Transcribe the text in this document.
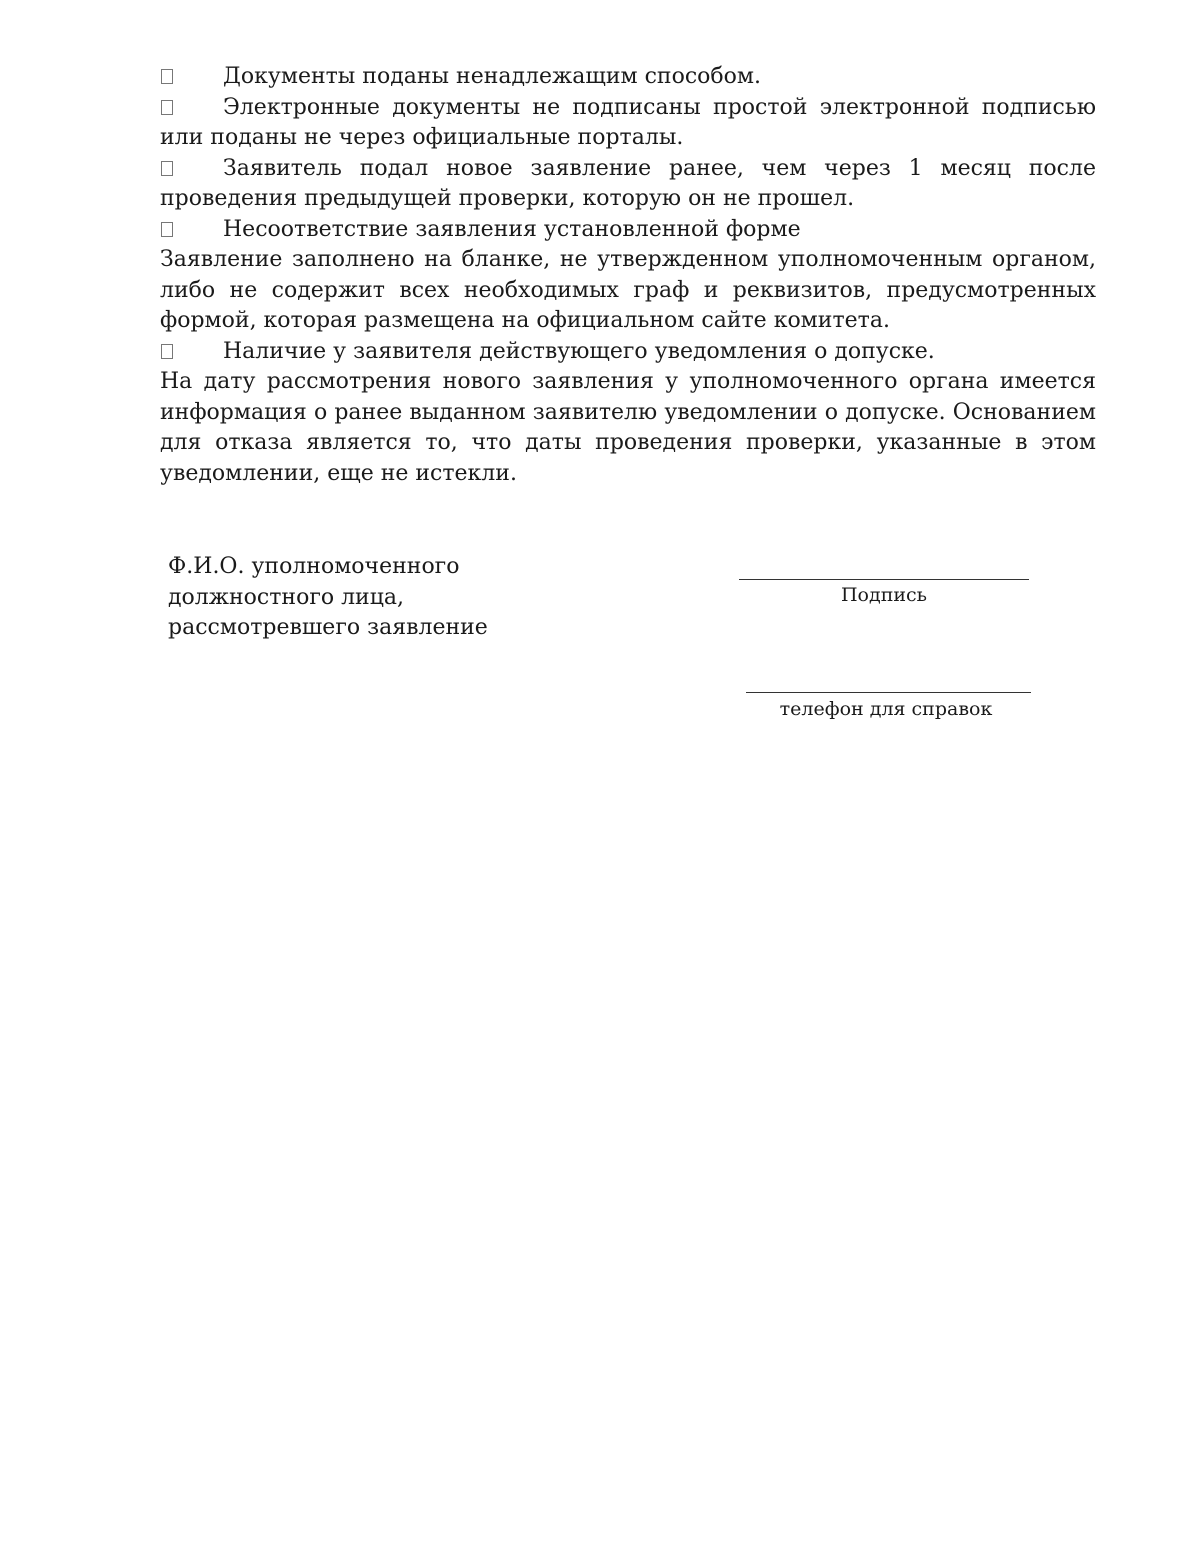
Документы поданы ненадлежащим способом.

Электронные документы не подписаны простой электронной подписью или поданы не через официальные порталы.

Заявитель подал новое заявление ранее, чем через 1 месяц после проведения предыдущей проверки, которую он не прошел.

Несоответствие заявления установленной форме

Заявление заполнено на бланке, не утвержденном уполномоченным органом, либо не содержит всех необходимых граф и реквизитов, предусмотренных формой, которая размещена на официальном сайте комитета.

Наличие у заявителя действующего уведомления о допуске.

На дату рассмотрения нового заявления у уполномоченного органа имеется информация о ранее выданном заявителю уведомлении о допуске. Основанием для отказа является то, что даты проведения проверки, указанные в этом уведомлении, еще не истекли.

Ф.И.О. уполномоченного
должностного лица,
рассмотревшего заявление
Подпись
телефон для справок
